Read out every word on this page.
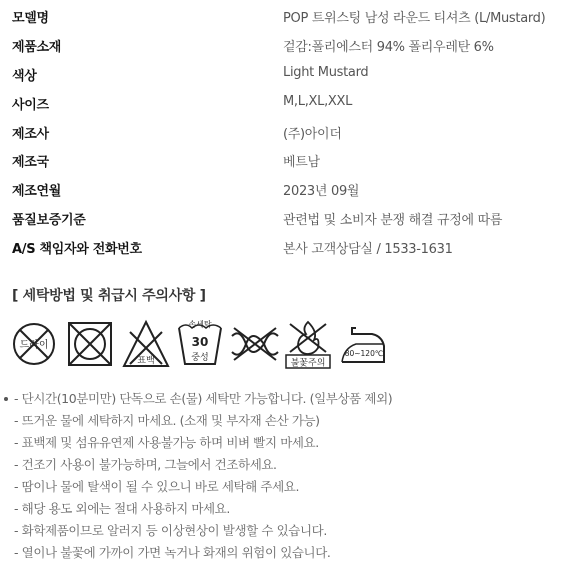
모델명	POP 트위스팅 남성 라운드 티셔츠 (L/Mustard)
제품소재	겉감:폴리에스터 94% 폴리우레탄 6%
색상	Light Mustard
사이즈	M,L,XL,XXL
제조사	(주)아이더
제조국	베트남
제조연월	2023년 09월
품질보증기준	관련법 및 소비자 분쟁 해결 규정에 따름
A/S 책임자와 전화번호	본사 고객상담실 / 1533-1631
[ 세탁방법 및 취급시 주의사항 ]
드라이
표백
손세탁
30
중성
불꽃주의
80~120℃
- 단시간(10분미만) 단독으로 손(물) 세탁만 가능합니다. (일부상품 제외)
- 뜨거운 물에 세탁하지 마세요. (소재 및 부자재 손산 가능)
- 표백제 및 섬유유연제 사용불가능 하며 비벼 빨지 마세요.
- 건조기 사용이 불가능하며, 그늘에서 건조하세요.
- 땀이나 물에 탈색이 될 수 있으니 바로 세탁해 주세요.
- 해당 용도 외에는 절대 사용하지 마세요.
- 화학제품이므로 알러지 등 이상현상이 발생할 수 있습니다.
- 열이나 불꽃에 가까이 가면 녹거나 화재의 위험이 있습니다.
